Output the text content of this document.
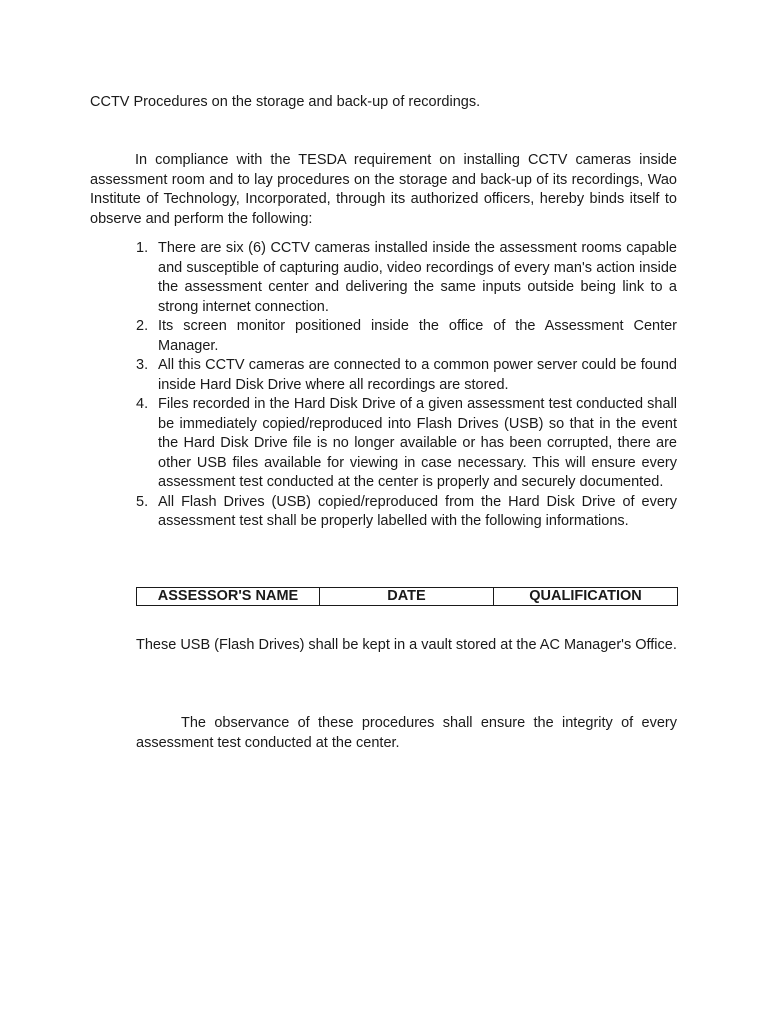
CCTV Procedures on the storage and back-up of recordings.

In compliance with the TESDA requirement on installing CCTV cameras inside assessment room and to lay procedures on the storage and back-up of its recordings, Wao Institute of Technology, Incorporated, through its authorized officers, hereby binds itself to observe and perform the following:

1. There are six (6) CCTV cameras installed inside the assessment rooms capable and susceptible of capturing audio, video recordings of every man's action inside the assessment center and delivering the same inputs outside being link to a strong internet connection.
2. Its screen monitor positioned inside the office of the Assessment Center Manager.
3. All this CCTV cameras are connected to a common power server could be found inside Hard Disk Drive where all recordings are stored.
4. Files recorded in the Hard Disk Drive of a given assessment test conducted shall be immediately copied/reproduced into Flash Drives (USB) so that in the event the Hard Disk Drive file is no longer available or has been corrupted, there are other USB files available for viewing in case necessary. This will ensure every assessment test conducted at the center is properly and securely documented.
5. All Flash Drives (USB) copied/reproduced from the Hard Disk Drive of every assessment test shall be properly labelled with the following informations.
ASSESSOR'S NAME	DATE	QUALIFICATION

These USB (Flash Drives) shall be kept in a vault stored at the AC Manager's Office.

The observance of these procedures shall ensure the integrity of every assessment test conducted at the center.
